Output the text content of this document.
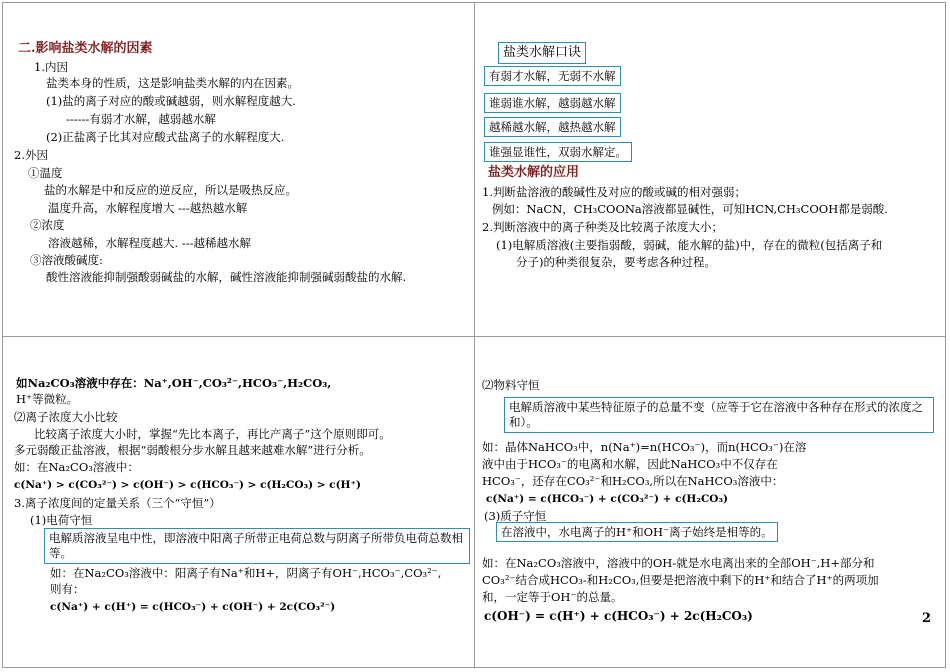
二.影响盐类水解的因素
1.内因
盐类本身的性质，这是影响盐类水解的内在因素。
(1)盐的离子对应的酸或碱越弱，则水解程度越大.
------有弱才水解，越弱越水解
(2)正盐离子比其对应酸式盐离子的水解程度大.
2.外因
①温度
盐的水解是中和反应的逆反应，所以是吸热反应。
温度升高，水解程度增大 ---越热越水解
②浓度
溶液越稀，水解程度越大. ---越稀越水解
③溶液酸碱度:
酸性溶液能抑制强酸弱碱盐的水解，碱性溶液能抑制强碱弱酸盐的水解.
盐类水解口诀
有弱才水解，无弱不水解
谁弱谁水解，越弱越水解
越稀越水解，越热越水解
谁强显谁性，双弱水解定。
盐类水解的应用
1.判断盐溶液的酸碱性及对应的酸或碱的相对强弱；
例如：NaCN，CH₃COONa溶液都显碱性，可知HCN,CH₃COOH都是弱酸.
2.判断溶液中的离子种类及比较离子浓度大小；
(1)电解质溶液(主要指弱酸，弱碱，能水解的盐)中，存在的微粒(包括离子和
分子)的种类很复杂，要考虑各种过程。
如Na₂CO₃溶液中存在：Na⁺,OH⁻,CO₃²⁻,HCO₃⁻,H₂CO₃,
H⁺等微粒。
⑵离子浓度大小比较
比较离子浓度大小时，掌握“先比本离子，再比产离子”这个原则即可。
多元弱酸正盐溶液，根据“弱酸根分步水解且越来越难水解”进行分析。
如：在Na₂CO₃溶液中：
c(Na⁺) > c(CO₃²⁻) > c(OH⁻) > c(HCO₃⁻) > c(H₂CO₃) > c(H⁺)
3.离子浓度间的定量关系（三个“守恒”）
(1)电荷守恒
电解质溶液呈电中性，即溶液中阳离子所带正电荷总数与阴离子所带负电荷总数相等。
如：在Na₂CO₃溶液中：阳离子有Na⁺和H+，阴离子有OH⁻,HCO₃⁻,CO₃²⁻,
则有：
c(Na⁺) + c(H⁺) = c(HCO₃⁻) + c(OH⁻) + 2c(CO₃²⁻)
⑵物料守恒
电解质溶液中某些特征原子的总量不变（应等于它在溶液中各种存在形式的浓度之和）。
如：晶体NaHCO₃中，n(Na⁺)=n(HCO₃⁻)，而n(HCO₃⁻)在溶
液中由于HCO₃⁻的电离和水解，因此NaHCO₃中不仅存在
HCO₃⁻，还存在CO₃²⁻和H₂CO₃,所以在NaHCO₃溶液中：
c(Na⁺) = c(HCO₃⁻) + c(CO₃²⁻) + c(H₂CO₃)
(3)质子守恒
在溶液中，水电离子的H⁺和OH⁻离子始终是相等的。
如：在Na₂CO₃溶液中，溶液中的OH-就是水电离出来的全部OH⁻,H+部分和
CO₃²⁻结合成HCO₃-和H₂CO₃,但要是把溶液中剩下的H⁺和结合了H⁺的两项加
和，一定等于OH⁻的总量。
c(OH⁻) = c(H⁺) + c(HCO₃⁻) + 2c(H₂CO₃)	2
